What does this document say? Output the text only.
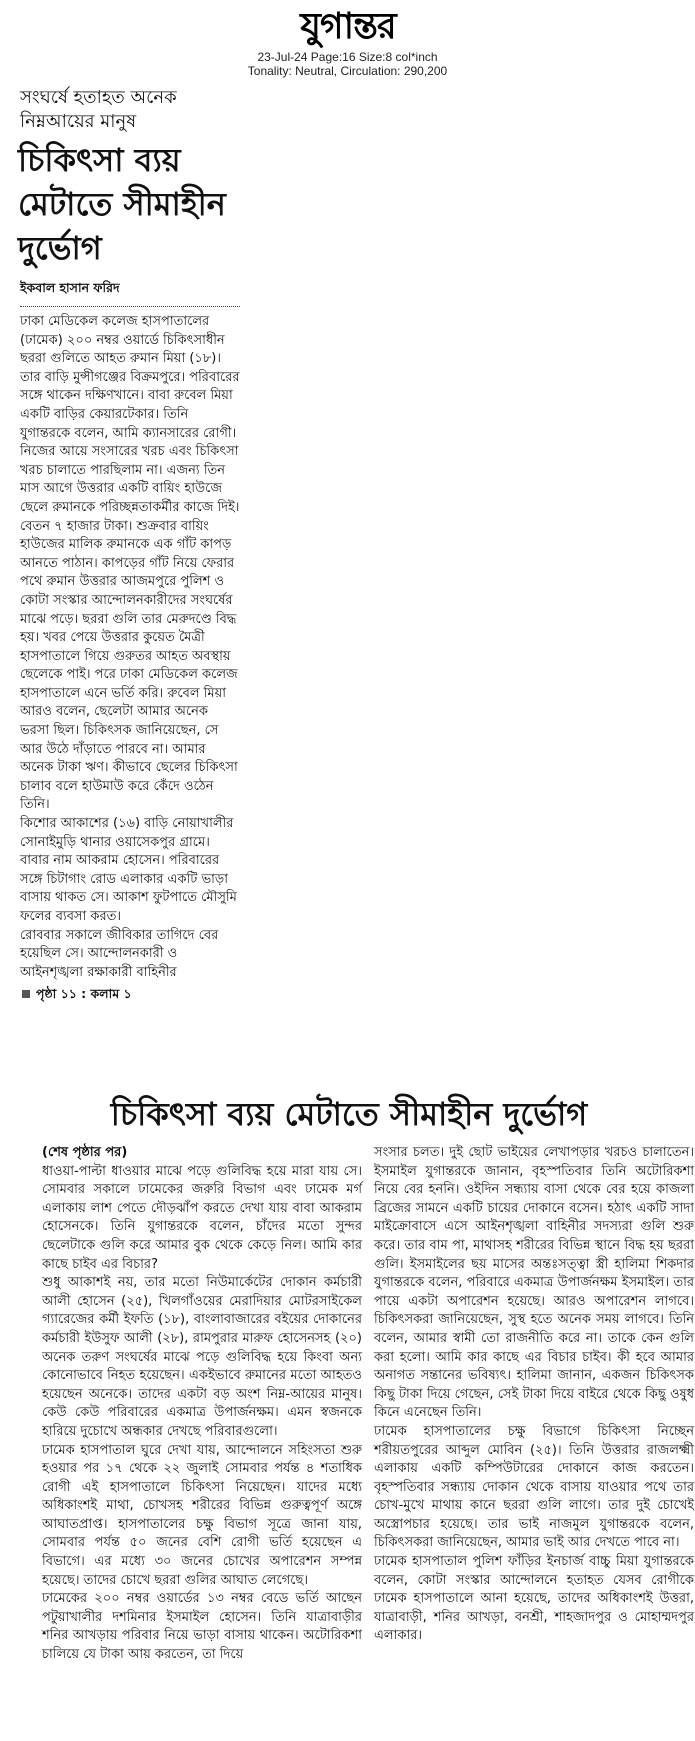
যুগান্তর
23-Jul-24 Page:16 Size:8 col*inch
Tonality: Neutral, Circulation: 290,200
সংঘর্ষে হতাহত অনেক নিম্নআয়ের মানুষ
চিকিৎসা ব্যয় মেটাতে সীমাহীন দুর্ভোগ
ইকবাল হাসান ফরিদ

ঢাকা মেডিকেল কলেজ হাসপাতালের (ঢামেক) ২০০ নম্বর ওয়ার্ডে চিকিৎসাধীন ছররা গুলিতে আহত রুমান মিয়া (১৮)। তার বাড়ি মুন্সীগঞ্জের বিক্রমপুরে। পরিবারের সঙ্গে থাকেন দক্ষিণখানে। বাবা রুবেল মিয়া একটি বাড়ির কেয়ারটেকার। তিনি যুগান্তরকে বলেন, আমি ক্যানসারের রোগী। নিজের আয়ে সংসারের খরচ এবং চিকিৎসা খরচ চালাতে পারছিলাম না। এজন্য তিন মাস আগে উত্তরার একটি বায়িং হাউজে ছেলে রুমানকে পরিচ্ছন্নতাকর্মীর কাজে দিই। বেতন ৭ হাজার টাকা। শুক্রবার বায়িং হাউজের মালিক রুমানকে এক গাঁট কাপড় আনতে পাঠান। কাপড়ের গাঁট নিয়ে ফেরার পথে রুমান উত্তরার আজমপুরে পুলিশ ও কোটা সংস্কার আন্দোলনকারীদের সংঘর্ষের মাঝে পড়ে। ছররা গুলি তার মেরুদণ্ডে বিদ্ধ হয়। খবর পেয়ে উত্তরার কুয়েত মৈত্রী হাসপাতালে গিয়ে গুরুতর আহত অবস্থায় ছেলেকে পাই। পরে ঢাকা মেডিকেল কলেজ হাসপাতালে এনে ভর্তি করি। রুবেল মিয়া আরও বলেন, ছেলেটা আমার অনেক ভরসা ছিল। চিকিৎসক জানিয়েছেন, সে আর উঠে দাঁড়াতে পারবে না। আমার অনেক টাকা ঋণ। কীভাবে ছেলের চিকিৎসা চালাব বলে হাউমাউ করে কেঁদে ওঠেন তিনি।

কিশোর আকাশের (১৬) বাড়ি নোয়াখালীর সোনাইমুড়ি থানার ওয়াসেকপুর গ্রামে। বাবার নাম আকরাম হোসেন। পরিবারের সঙ্গে চিটাগাং রোড এলাকার একটি ভাড়া বাসায় থাকত সে। আকাশ ফুটপাতে মৌসুমি ফলের ব্যবসা করত।

রোববার সকালে জীবিকার তাগিদে বের হয়েছিল সে। আন্দোলনকারী ও আইনশৃঙ্খলা রক্ষাকারী বাহিনীর

পৃষ্ঠা ১১ : কলাম ১
চিকিৎসা ব্যয় মেটাতে সীমাহীন দুর্ভোগ

(শেষ পৃষ্ঠার পর)

ধাওয়া-পাল্টা ধাওয়ার মাঝে পড়ে গুলিবিদ্ধ হয়ে মারা যায় সে। সোমবার সকালে ঢামেকের জরুরি বিভাগ এবং ঢামেক মর্গ এলাকায় লাশ পেতে দৌড়ঝাঁপ করতে দেখা যায় বাবা আকরাম হোসেনকে। তিনি যুগান্তরকে বলেন, চাঁদের মতো সুন্দর ছেলেটাকে গুলি করে আমার বুক থেকে কেড়ে নিল। আমি কার কাছে চাইব এর বিচার?

শুধু আকাশই নয়, তার মতো নিউমার্কেটের দোকান কর্মচারী আলী হোসেন (২৫), খিলগাঁওয়ের মেরাদিয়ার মোটরসাইকেল গ্যারেজের কর্মী ইফতি (১৮), বাংলাবাজারের বইয়ের দোকানের কর্মচারী ইউসুফ আলী (২৮), রামপুরার মারুফ হোসেনসহ (২০) অনেক তরুণ সংঘর্ষের মাঝে পড়ে গুলিবিদ্ধ হয়ে কিংবা অন্য কোনোভাবে নিহত হয়েছেন। একইভাবে রুমানের মতো আহতও হয়েছেন অনেকে। তাদের একটা বড় অংশ নিম্ন-আয়ের মানুষ। কেউ কেউ পরিবারের একমাত্র উপার্জনক্ষম। এমন স্বজনকে হারিয়ে দুচোখে অন্ধকার দেখছে পরিবারগুলো।

ঢামেক হাসপাতাল ঘুরে দেখা যায়, আন্দোলনে সহিংসতা শুরু হওয়ার পর ১৭ থেকে ২২ জুলাই সোমবার পর্যন্ত ৪ শতাধিক রোগী এই হাসপাতালে চিকিৎসা নিয়েছেন। যাদের মধ্যে অধিকাংশই মাথা, চোখসহ শরীরের বিভিন্ন গুরুত্বপূর্ণ অঙ্গে আঘাতপ্রাপ্ত। হাসপাতালের চক্ষু বিভাগ সূত্রে জানা যায়, সোমবার পর্যন্ত ৫০ জনের বেশি রোগী ভর্তি হয়েছেন এ বিভাগে। এর মধ্যে ৩০ জনের চোখের অপারেশন সম্পন্ন হয়েছে। তাদের চোখে ছররা গুলির আঘাত লেগেছে।

ঢামেকের ২০০ নম্বর ওয়ার্ডের ১৩ নম্বর বেডে ভর্তি আছেন পটুয়াখালীর দশমিনার ইসমাইল হোসেন। তিনি যাত্রাবাড়ীর শনির আখড়ায় পরিবার নিয়ে ভাড়া বাসায় থাকেন। অটোরিকশা চালিয়ে যে টাকা আয় করতেন, তা দিয়ে

সংসার চলত। দুই ছোট ভাইয়ের লেখাপড়ার খরচও চালাতেন। ইসমাইল যুগান্তরকে জানান, বৃহস্পতিবার তিনি অটোরিকশা নিয়ে বের হননি। ওইদিন সন্ধ্যায় বাসা থেকে বের হয়ে কাজলা ব্রিজের সামনে একটি চায়ের দোকানে বসেন। হঠাৎ একটি সাদা মাইক্রোবাসে এসে আইনশৃঙ্খলা বাহিনীর সদস্যরা গুলি শুরু করে। তার বাম পা, মাথাসহ শরীরের বিভিন্ন স্থানে বিদ্ধ হয় ছররা গুলি। ইসমাইলের ছয় মাসের অন্তঃসত্ত্বা স্ত্রী হালিমা শিকদার যুগান্তরকে বলেন, পরিবারে একমাত্র উপার্জনক্ষম ইসমাইল। তার পায়ে একটা অপারেশন হয়েছে। আরও অপারেশন লাগবে। চিকিৎসকরা জানিয়েছেন, সুস্থ হতে অনেক সময় লাগবে। তিনি বলেন, আমার স্বামী তো রাজনীতি করে না। তাকে কেন গুলি করা হলো। আমি কার কাছে এর বিচার চাইব। কী হবে আমার অনাগত সন্তানের ভবিষ্যৎ। হালিমা জানান, একজন চিকিৎসক কিছু টাকা দিয়ে গেছেন, সেই টাকা দিয়ে বাইরে থেকে কিছু ওষুধ কিনে এনেছেন তিনি।

ঢামেক হাসপাতালের চক্ষু বিভাগে চিকিৎসা নিচ্ছেন শরীয়তপুরের আব্দুল মোবিন (২৫)। তিনি উত্তরার রাজলক্ষ্মী এলাকায় একটি কম্পিউটারের দোকানে কাজ করতেন। বৃহস্পতিবার সন্ধ্যায় দোকান থেকে বাসায় যাওয়ার পথে তার চোখ-মুখে মাথায় কানে ছররা গুলি লাগে। তার দুই চোখেই অস্ত্রোপচার হয়েছে। তার ভাই নাজমুল যুগান্তরকে বলেন, চিকিৎসকরা জানিয়েছেন, আমার ভাই আর দেখতে পাবে না।

ঢামেক হাসপাতাল পুলিশ ফাঁড়ির ইনচার্জ বাচ্চু মিয়া যুগান্তরকে বলেন, কোটা সংস্কার আন্দোলনে হতাহত যেসব রোগীকে ঢামেক হাসপাতালে আনা হয়েছে, তাদের অধিকাংশই উত্তরা, যাত্রাবাড়ী, শনির আখড়া, বনশ্রী, শাহজাদপুর ও মোহাম্মদপুর এলাকার।
